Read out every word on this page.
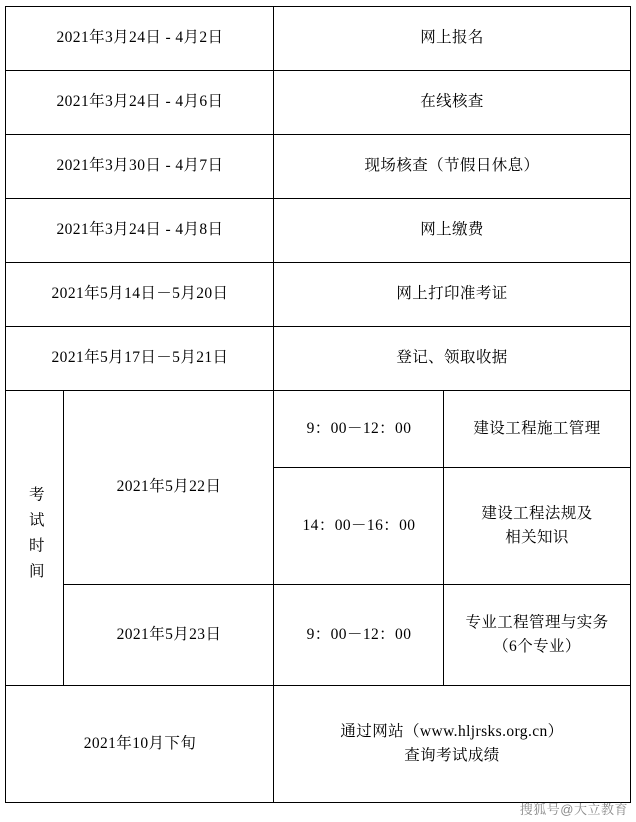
2021年3月24日 - 4月2日		网上报名	
2021年3月24日 - 4月6日		在线核查	
2021年3月30日 - 4月7日		现场核查（节假日休息）	
2021年3月24日 - 4月8日		网上缴费	
2021年5月14日－5月20日		网上打印准考证	
2021年5月17日－5月21日		登记、领取收据	
考试时间	2021年5月22日	9：00－12：00	建设工程施工管理
		14：00－16：00	建设工程法规及
相关知识

	2021年5月23日	9：00－12：00	专业工程管理与实务
（6个专业）

2021年10月下旬		通过网站（www.hljrsks.org.cn）
查询考试成绩	
搜狐号@大立教育
